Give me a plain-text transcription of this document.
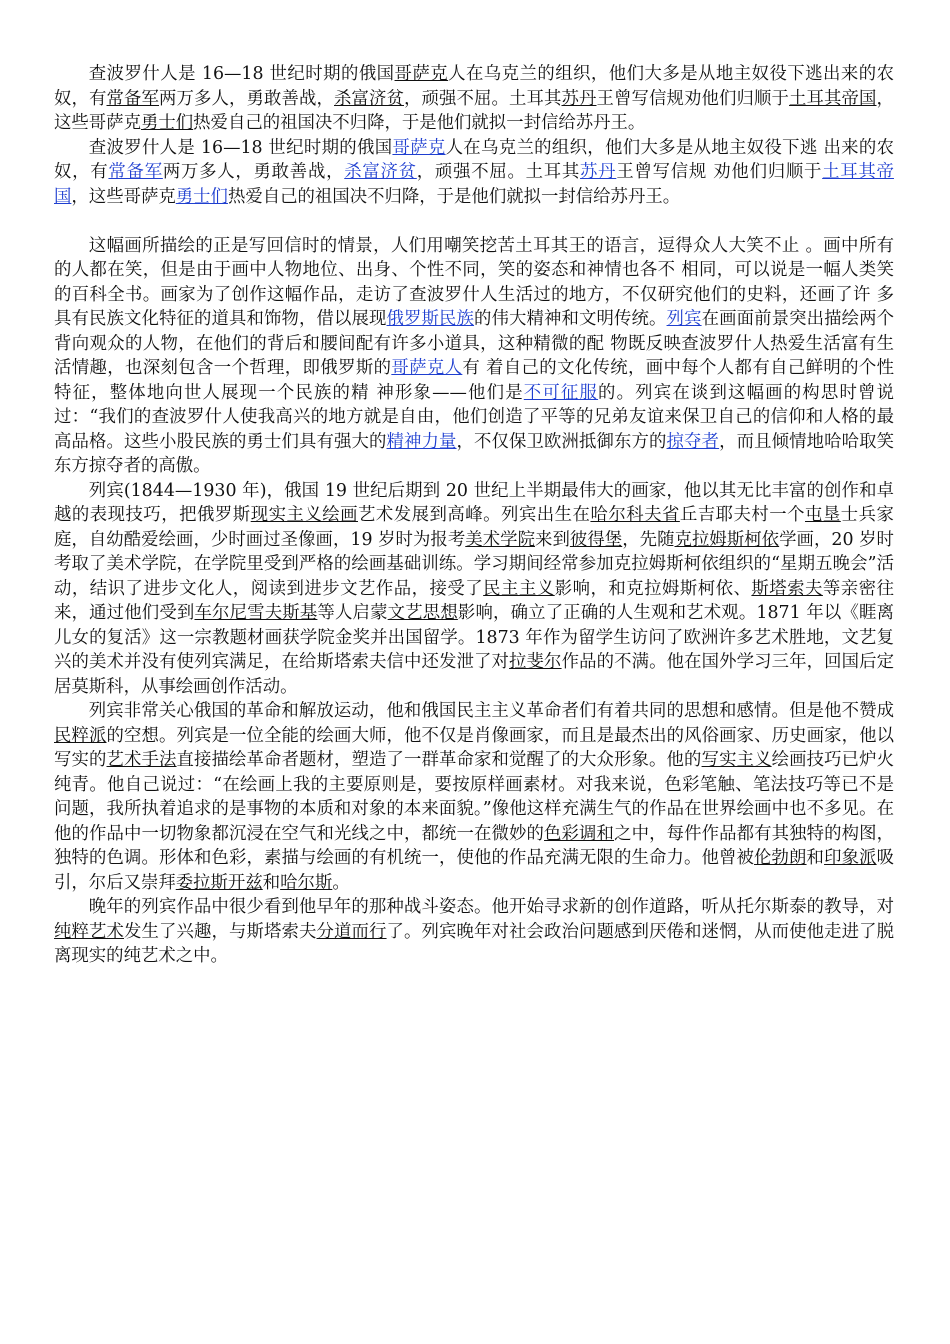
查波罗什人是 16—18 世纪时期的俄国哥萨克人在乌克兰的组织，他们大多是从地主奴役下逃出来的农奴，有常备军两万多人，勇敢善战，杀富济贫，顽强不屈。土耳其苏丹王曾写信规劝他们归顺于土耳其帝国，这些哥萨克勇士们热爱自己的祖国决不归降，于是他们就拟一封信给苏丹王。

查波罗什人是 16—18 世纪时期的俄国哥萨克人在乌克兰的组织，他们大多是从地主奴役下逃 出来的农奴，有常备军两万多人，勇敢善战，杀富济贫，顽强不屈。土耳其苏丹王曾写信规 劝他们归顺于土耳其帝国，这些哥萨克勇士们热爱自己的祖国决不归降，于是他们就拟一封信给苏丹王。

这幅画所描绘的正是写回信时的情景，人们用嘲笑挖苦土耳其王的语言，逗得众人大笑不止 。画中所有的人都在笑，但是由于画中人物地位、出身、个性不同，笑的姿态和神情也各不 相同，可以说是一幅人类笑的百科全书。画家为了创作这幅作品，走访了查波罗什人生活过的地方，不仅研究他们的史料，还画了许 多具有民族文化特征的道具和饰物，借以展现俄罗斯民族的伟大精神和文明传统。列宾在画面前景突出描绘两个背向观众的人物，在他们的背后和腰间配有许多小道具，这种精微的配 物既反映查波罗什人热爱生活富有生活情趣，也深刻包含一个哲理，即俄罗斯的哥萨克人有 着自己的文化传统，画中每个人都有自己鲜明的个性特征，整体地向世人展现一个民族的精 神形象——他们是不可征服的。列宾在谈到这幅画的构思时曾说过：“我们的查波罗什人使我高兴的地方就是自由，他们创造了平等的兄弟友谊来保卫自己的信仰和人格的最高品格。这些小股民族的勇士们具有强大的精神力量，不仅保卫欧洲抵御东方的掠夺者，而且倾情地哈哈取笑东方掠夺者的高傲。

列宾(1844—1930 年)，俄国 19 世纪后期到 20 世纪上半期最伟大的画家，他以其无比丰富的创作和卓越的表现技巧，把俄罗斯现实主义绘画艺术发展到高峰。列宾出生在哈尔科夫省丘吉耶夫村一个屯垦士兵家庭，自幼酷爱绘画，少时画过圣像画，19 岁时为报考美术学院来到彼得堡，先随克拉姆斯柯依学画，20 岁时考取了美术学院，在学院里受到严格的绘画基础训练。学习期间经常参加克拉姆斯柯依组织的“星期五晚会”活动，结识了进步文化人，阅读到进步文艺作品，接受了民主主义影响，和克拉姆斯柯依、斯塔索夫等亲密往来，通过他们受到车尔尼雪夫斯基等人启蒙文艺思想影响，确立了正确的人生观和艺术观。1871 年以《睚离儿女的复活》这一宗教题材画获学院金奖并出国留学。1873 年作为留学生访问了欧洲许多艺术胜地，文艺复兴的美术并没有使列宾满足，在给斯塔索夫信中还发泄了对拉斐尔作品的不满。他在国外学习三年，回国后定居莫斯科，从事绘画创作活动。

列宾非常关心俄国的革命和解放运动，他和俄国民主主义革命者们有着共同的思想和感情。但是他不赞成民粹派的空想。列宾是一位全能的绘画大师，他不仅是肖像画家，而且是最杰出的风俗画家、历史画家，他以写实的艺术手法直接描绘革命者题材，塑造了一群革命家和觉醒了的大众形象。他的写实主义绘画技巧已炉火纯青。他自己说过：“在绘画上我的主要原则是，要按原样画素材。对我来说，色彩笔触、笔法技巧等已不是问题，我所执着追求的是事物的本质和对象的本来面貌。”像他这样充满生气的作品在世界绘画中也不多见。在他的作品中一切物象都沉浸在空气和光线之中，都统一在微妙的色彩调和之中，每件作品都有其独特的构图，独特的色调。形体和色彩，素描与绘画的有机统一，使他的作品充满无限的生命力。他曾被伦勃朗和印象派吸引，尔后又崇拜委拉斯开兹和哈尔斯。

晚年的列宾作品中很少看到他早年的那种战斗姿态。他开始寻求新的创作道路，听从托尔斯泰的教导，对纯粹艺术发生了兴趣，与斯塔索夫分道而行了。列宾晚年对社会政治问题感到厌倦和迷惘，从而使他走进了脱离现实的纯艺术之中。
